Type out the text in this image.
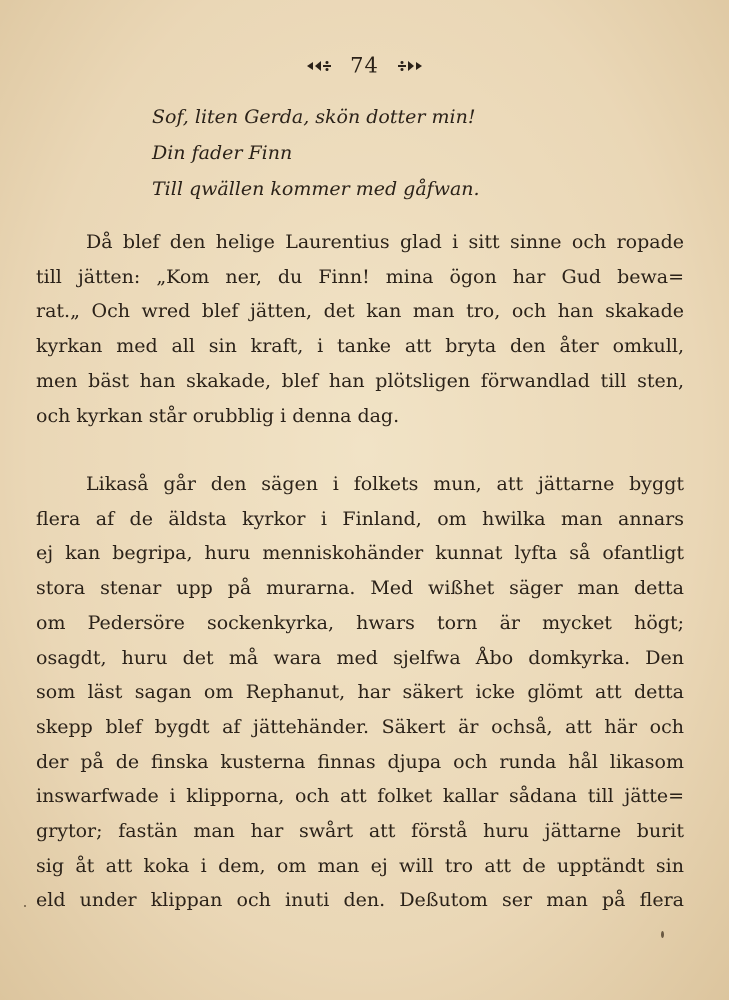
74
Sof, liten Gerda, skön dotter min!
Din fader Finn
Till qwällen kommer med gåfwan.
Då blef den helige Laurentius glad i sitt sinne och ropade
till jätten: „Kom ner, du Finn! mina ögon har Gud bewa=
rat.„ Och wred blef jätten, det kan man tro, och han skakade
kyrkan med all sin kraft, i tanke att bryta den åter omkull,
men bäst han skakade, blef han plötsligen förwandlad till sten,
och kyrkan står orubblig i denna dag.
Likaså går den sägen i folkets mun, att jättarne byggt
flera af de äldsta kyrkor i Finland, om hwilka man annars
ej kan begripa, huru menniskohänder kunnat lyfta så ofantligt
stora stenar upp på murarna. Med wißhet säger man detta
om Pedersöre sockenkyrka, hwars torn är mycket högt;
osagdt, huru det må wara med sjelfwa Åbo domkyrka. Den
som läst sagan om Rephanut, har säkert icke glömt att detta
skepp blef bygdt af jättehänder. Säkert är ochså, att här och
der på de finska kusterna finnas djupa och runda hål likasom
inswarfwade i klipporna, och att folket kallar sådana till jätte=
grytor; fastän man har swårt att förstå huru jättarne burit
sig åt att koka i dem, om man ej will tro att de upptändt sin
eld under klippan och inuti den. Deßutom ser man på flera
